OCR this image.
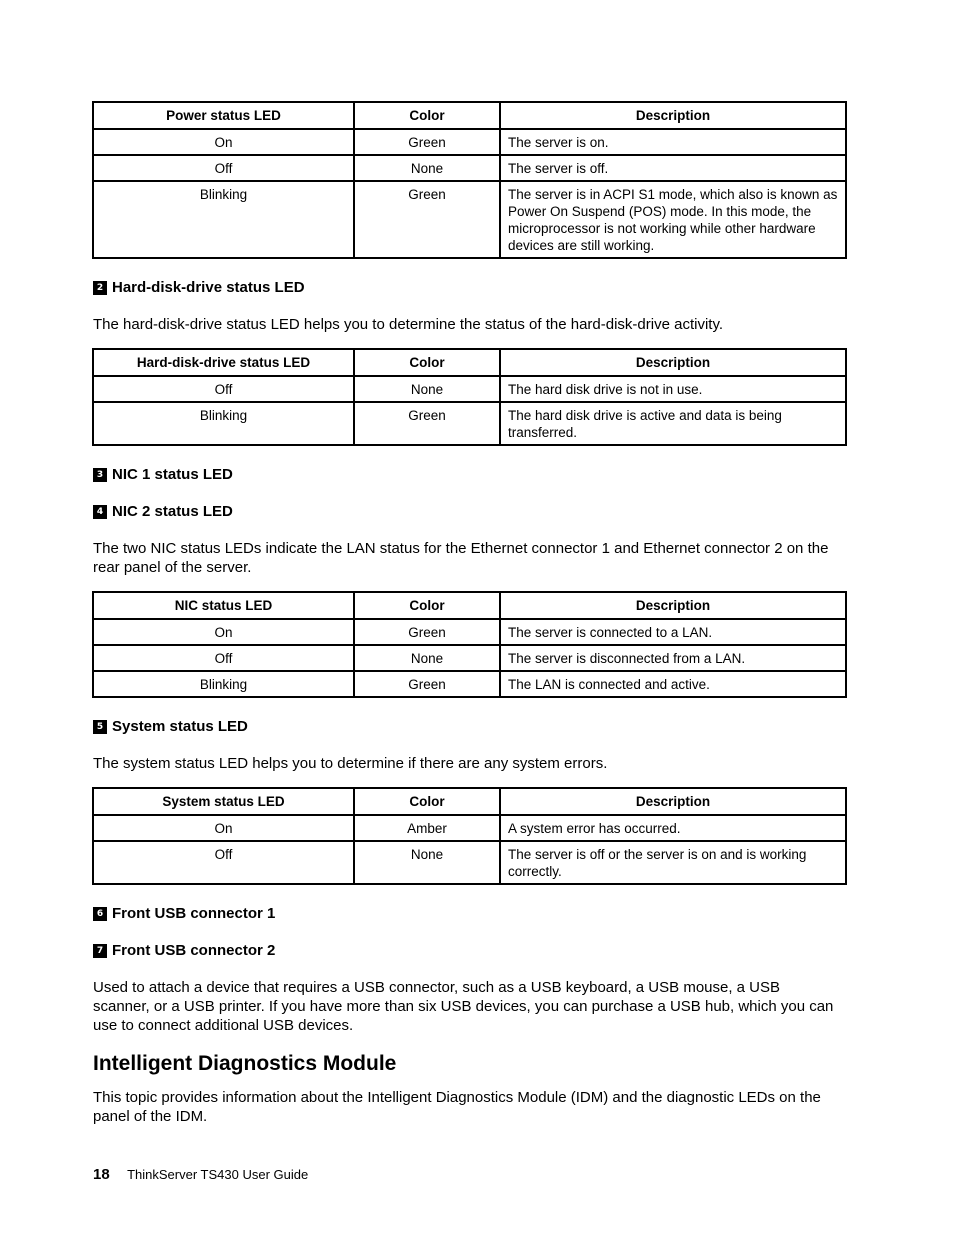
Power status LED	Color	Description
On	Green	The server is on.
Off	None	The server is off.
Blinking	Green	The server is in ACPI S1 mode, which also is known as Power On Suspend (POS) mode. In this mode, the microprocessor is not working while other hardware devices are still working.
2 Hard-disk-drive status LED

The hard-disk-drive status LED helps you to determine the status of the hard-disk-drive activity.

Hard-disk-drive status LED	Color	Description
Off	None	The hard disk drive is not in use.
Blinking	Green	The hard disk drive is active and data is being transferred.
3 NIC 1 status LED
4 NIC 2 status LED

The two NIC status LEDs indicate the LAN status for the Ethernet connector 1 and Ethernet connector 2 on the rear panel of the server.

NIC status LED	Color	Description
On	Green	The server is connected to a LAN.
Off	None	The server is disconnected from a LAN.
Blinking	Green	The LAN is connected and active.
5 System status LED

The system status LED helps you to determine if there are any system errors.

System status LED	Color	Description
On	Amber	A system error has occurred.
Off	None	The server is off or the server is on and is working correctly.
6 Front USB connector 1
7 Front USB connector 2

Used to attach a device that requires a USB connector, such as a USB keyboard, a USB mouse, a USB scanner, or a USB printer. If you have more than six USB devices, you can purchase a USB hub, which you can use to connect additional USB devices.

Intelligent Diagnostics Module

This topic provides information about the Intelligent Diagnostics Module (IDM) and the diagnostic LEDs on the panel of the IDM.

18 ThinkServer TS430 User Guide
